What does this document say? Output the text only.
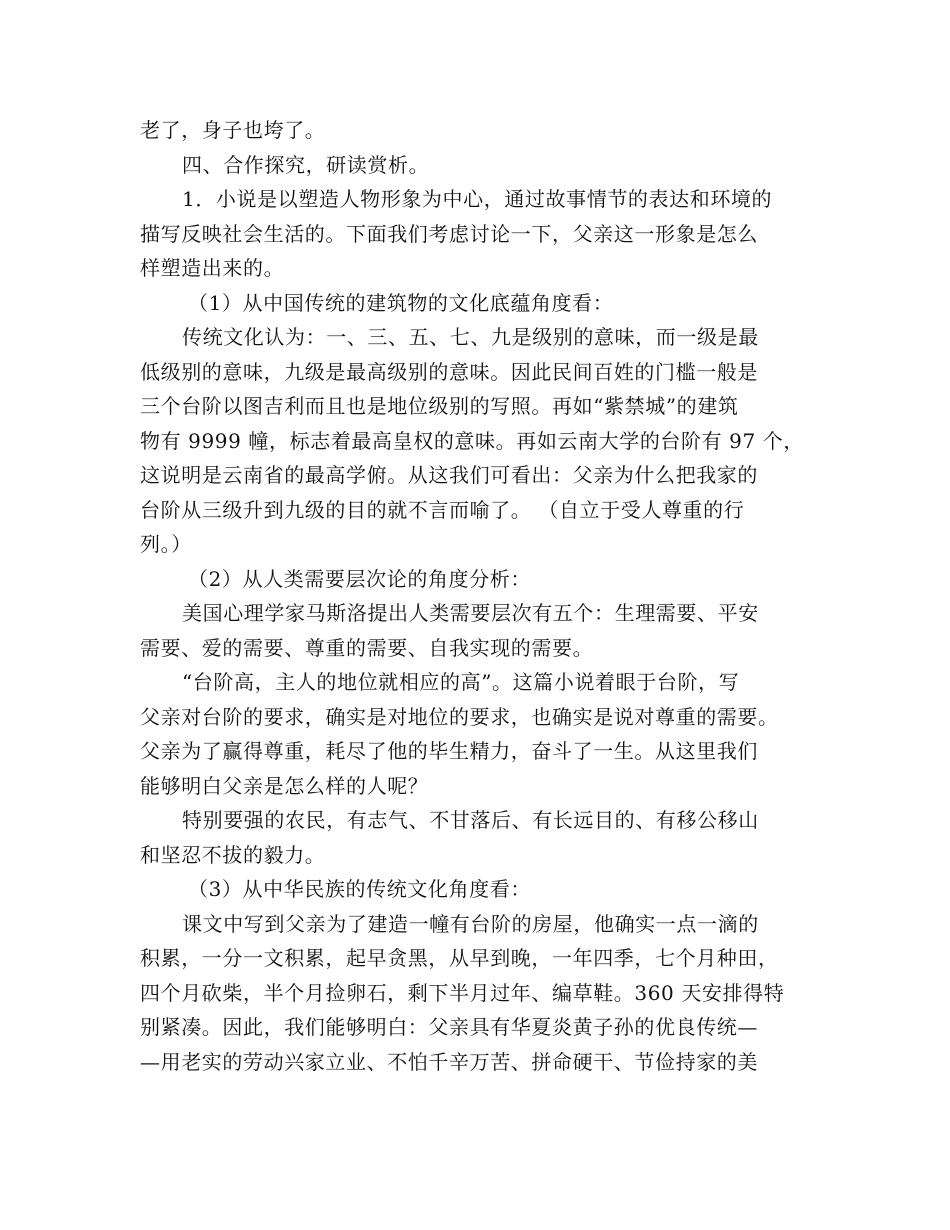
老了，身子也垮了。
四、合作探究，研读赏析。
1．小说是以塑造人物形象为中心，通过故事情节的表达和环境的
描写反映社会生活的。下面我们考虑讨论一下，父亲这一形象是怎么
样塑造出来的。
（1）从中国传统的建筑物的文化底蕴角度看：
传统文化认为：一、三、五、七、九是级别的意味，而一级是最
低级别的意味，九级是最高级别的意味。因此民间百姓的门槛一般是
三个台阶以图吉利而且也是地位级别的写照。再如“紫禁城”的建筑
物有 9999 幢，标志着最高皇权的意味。再如云南大学的台阶有 97 个，
这说明是云南省的最高学俯。从这我们可看出：父亲为什么把我家的
台阶从三级升到九级的目的就不言而喻了。 （自立于受人尊重的行
列。）
（2）从人类需要层次论的角度分析：
美国心理学家马斯洛提出人类需要层次有五个：生理需要、平安
需要、爱的需要、尊重的需要、自我实现的需要。
“台阶高，主人的地位就相应的高”。这篇小说着眼于台阶，写
父亲对台阶的要求，确实是对地位的要求，也确实是说对尊重的需要。
父亲为了赢得尊重，耗尽了他的毕生精力，奋斗了一生。从这里我们
能够明白父亲是怎么样的人呢？
特别要强的农民，有志气、不甘落后、有长远目的、有移公移山
和坚忍不拔的毅力。
（3）从中华民族的传统文化角度看：
课文中写到父亲为了建造一幢有台阶的房屋，他确实一点一滴的
积累，一分一文积累，起早贪黑，从早到晚，一年四季，七个月种田，
四个月砍柴，半个月捡卵石，剩下半月过年、编草鞋。360 天安排得特
别紧凑。因此，我们能够明白：父亲具有华夏炎黄子孙的优良传统—
—用老实的劳动兴家立业、不怕千辛万苦、拼命硬干、节俭持家的美
